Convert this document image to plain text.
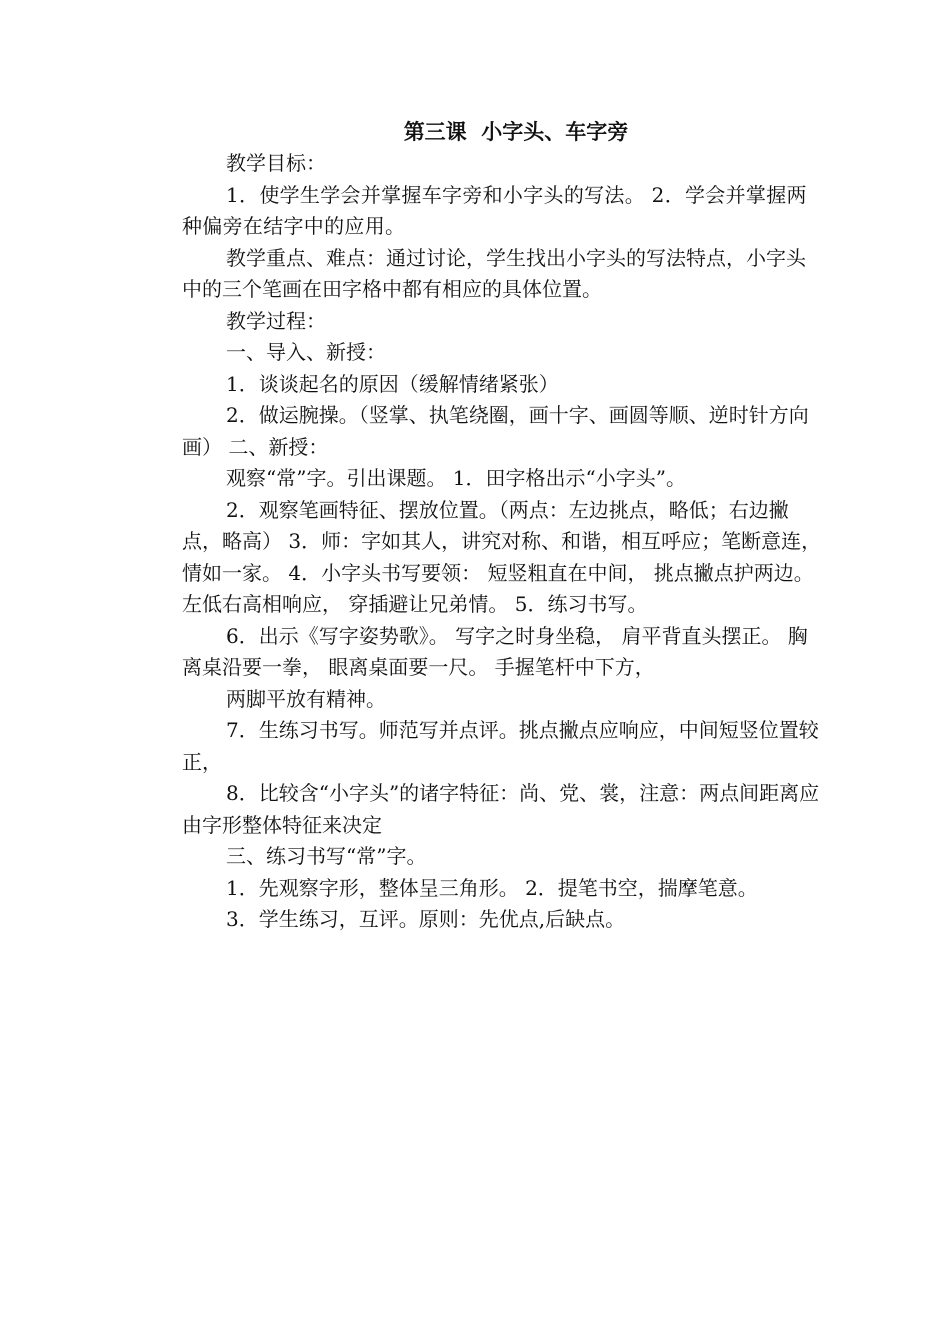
第三课  小字头、车字旁

教学目标：

1．使学生学会并掌握车字旁和小字头的写法。 2．学会并掌握两种偏旁在结字中的应用。

教学重点、难点：通过讨论，学生找出小字头的写法特点，小字头中的三个笔画在田字格中都有相应的具体位置。

教学过程：

一、导入、新授：

1．谈谈起名的原因（缓解情绪紧张）

2．做运腕操。（竖掌、执笔绕圈，画十字、画圆等顺、逆时针方向画） 二、新授：

观察“常”字。引出课题。 1．田字格出示“小字头”。

2．观察笔画特征、摆放位置。（两点：左边挑点，略低；右边撇点，略高） 3．师：字如其人，讲究对称、和谐，相互呼应；笔断意连，情如一家。 4．小字头书写要领： 短竖粗直在中间， 挑点撇点护两边。 左低右高相响应， 穿插避让兄弟情。 5．练习书写。

6．出示《写字姿势歌》。 写字之时身坐稳， 肩平背直头摆正。 胸离桌沿要一拳， 眼离桌面要一尺。 手握笔杆中下方，

两脚平放有精神。

7．生练习书写。师范写并点评。挑点撇点应响应，中间短竖位置较正，

8．比较含“小字头”的诸字特征：尚、党、裳，注意：两点间距离应由字形整体特征来决定

三、练习书写“常”字。

1．先观察字形，整体呈三角形。 2．提笔书空，揣摩笔意。

3．学生练习，互评。原则：先优点,后缺点。
